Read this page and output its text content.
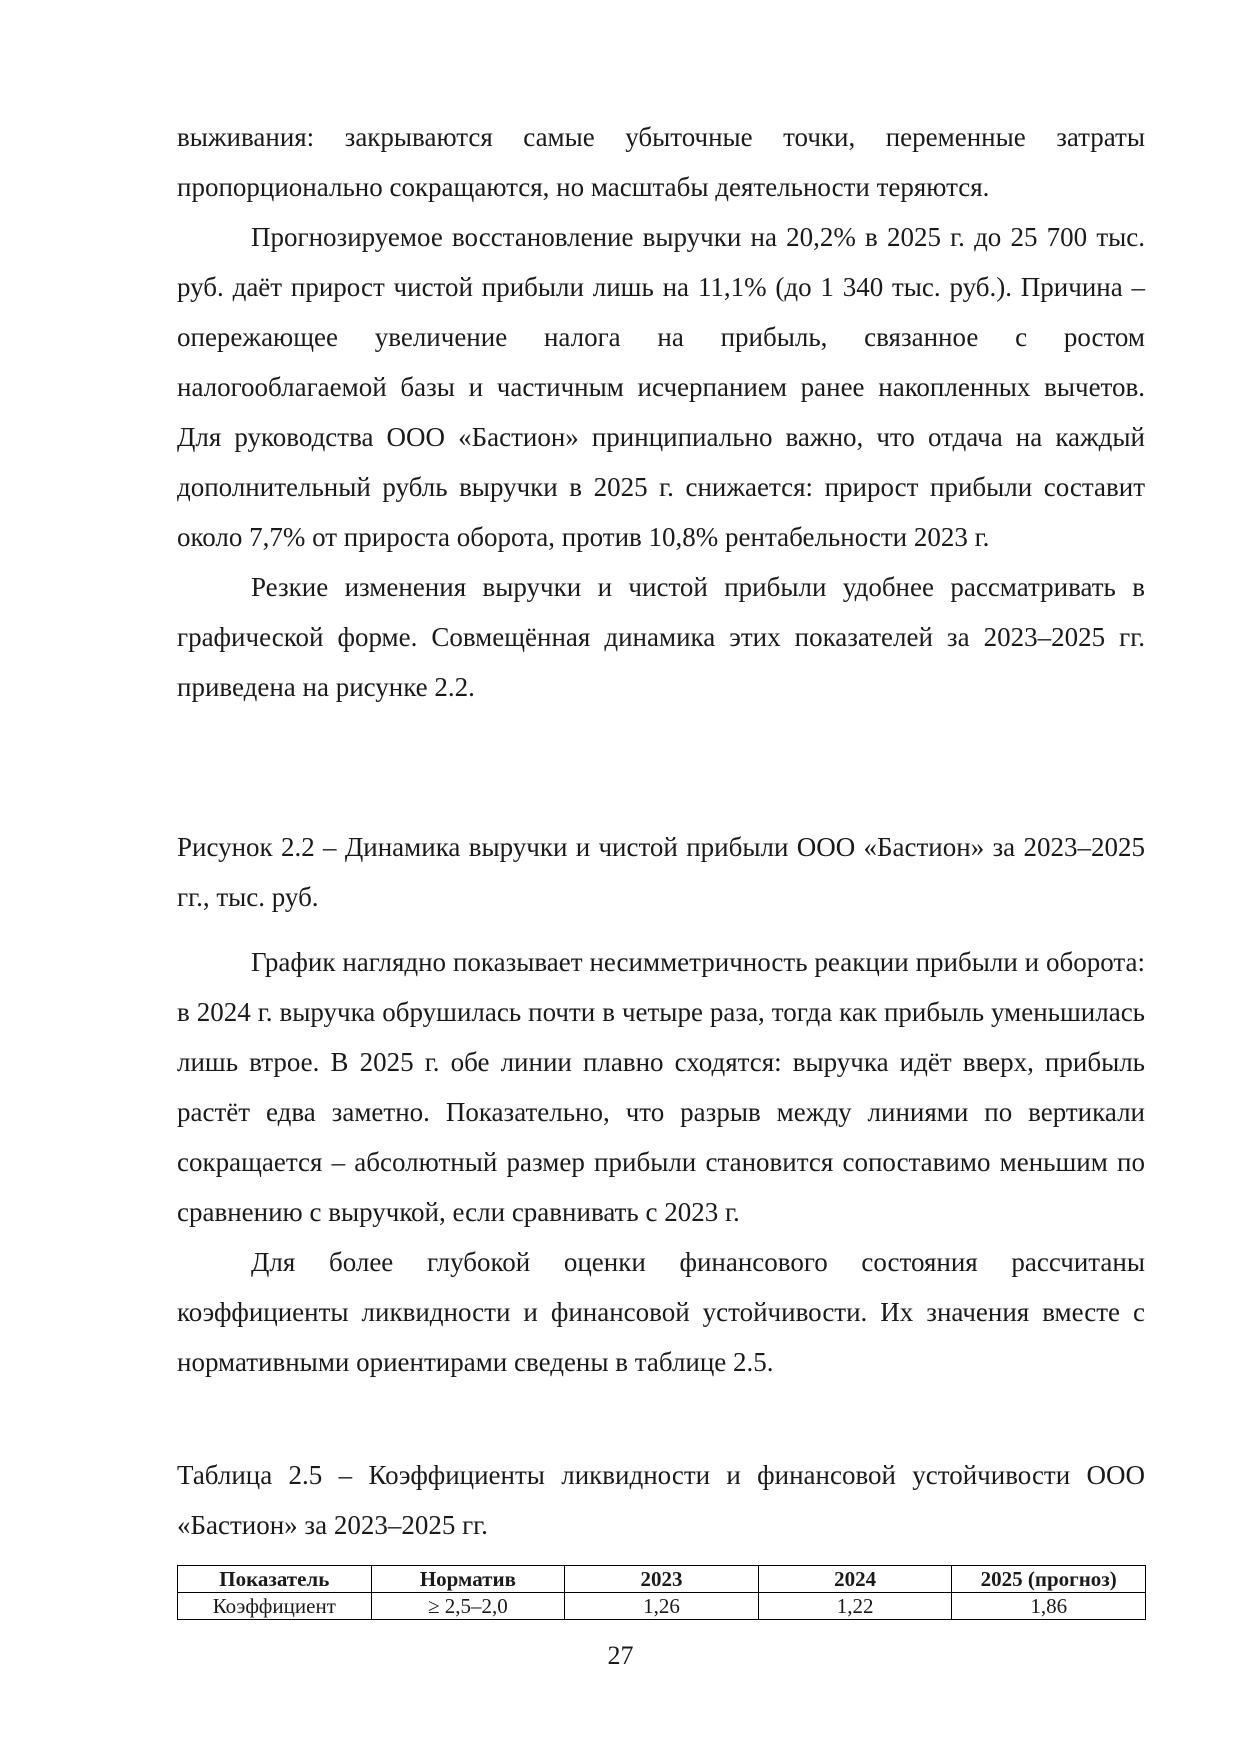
выживания: закрываются самые убыточные точки, переменные затраты пропорционально сокращаются, но масштабы деятельности теряются.

Прогнозируемое восстановление выручки на 20,2% в 2025 г. до 25 700 тыс. руб. даёт прирост чистой прибыли лишь на 11,1% (до 1 340 тыс. руб.). Причина – опережающее увеличение налога на прибыль, связанное с ростом налогооблагаемой базы и частичным исчерпанием ранее накопленных вычетов. Для руководства ООО «Бастион» принципиально важно, что отдача на каждый дополнительный рубль выручки в 2025 г. снижается: прирост прибыли составит около 7,7% от прироста оборота, против 10,8% рентабельности 2023 г.

Резкие изменения выручки и чистой прибыли удобнее рассматривать в графической форме. Совмещённая динамика этих показателей за 2023–2025 гг. приведена на рисунке 2.2.

Рисунок 2.2 – Динамика выручки и чистой прибыли ООО «Бастион» за 2023–2025 гг., тыс. руб.

График наглядно показывает несимметричность реакции прибыли и оборота: в 2024 г. выручка обрушилась почти в четыре раза, тогда как прибыль уменьшилась лишь втрое. В 2025 г. обе линии плавно сходятся: выручка идёт вверх, прибыль растёт едва заметно. Показательно, что разрыв между линиями по вертикали сокращается – абсолютный размер прибыли становится сопоставимо меньшим по сравнению с выручкой, если сравнивать с 2023 г.

Для более глубокой оценки финансового состояния рассчитаны коэффициенты ликвидности и финансовой устойчивости. Их значения вместе с нормативными ориентирами сведены в таблице 2.5.

Таблица 2.5 – Коэффициенты ликвидности и финансовой устойчивости ООО «Бастион» за 2023–2025 гг.

Показатель	Норматив	2023	2024	2025 (прогноз)
Коэффициент	≥ 2,5–2,0	1,26	1,22	1,86
27
